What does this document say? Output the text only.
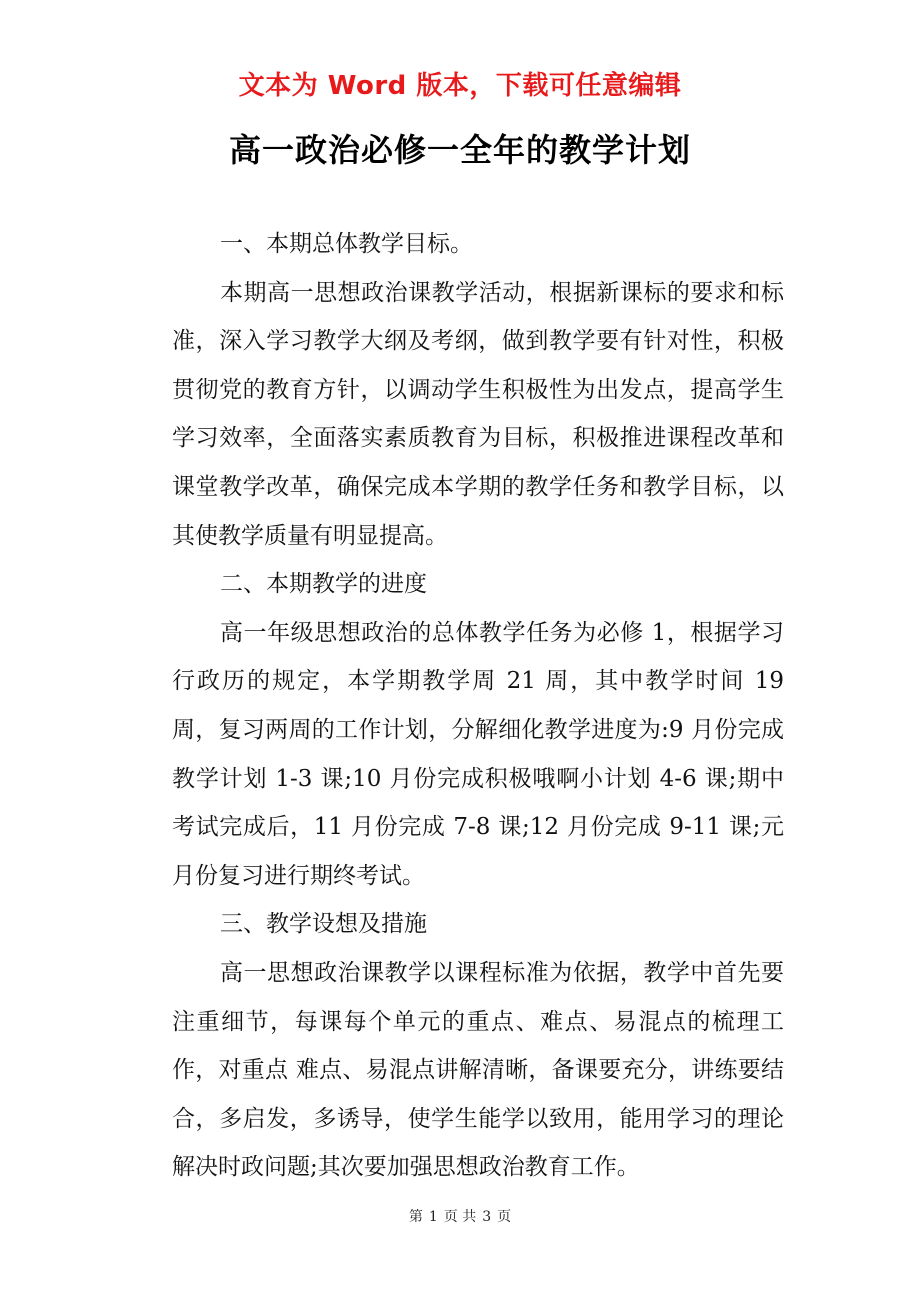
文本为 Word 版本，下载可任意编辑
高一政治必修一全年的教学计划

一、本期总体教学目标。

本期高一思想政治课教学活动，根据新课标的要求和标准，深入学习教学大纲及考纲，做到教学要有针对性，积极贯彻党的教育方针，以调动学生积极性为出发点，提高学生学习效率，全面落实素质教育为目标，积极推进课程改革和课堂教学改革，确保完成本学期的教学任务和教学目标，以其使教学质量有明显提高。

二、本期教学的进度

高一年级思想政治的总体教学任务为必修 1，根据学习行政历的规定，本学期教学周 21 周，其中教学时间 19 周，复习两周的工作计划，分解细化教学进度为:9 月份完成教学计划 1-3 课;10 月份完成积极哦啊小计划 4-6 课;期中考试完成后，11 月份完成 7-8 课;12 月份完成 9-11 课;元月份复习进行期终考试。

三、教学设想及措施

高一思想政治课教学以课程标准为依据，教学中首先要注重细节，每课每个单元的重点、难点、易混点的梳理工作，对重点 难点、易混点讲解清晰，备课要充分，讲练要结合，多启发，多诱导，使学生能学以致用，能用学习的理论解决时政问题;其次要加强思想政治教育工作。

第 1 页 共 3 页
